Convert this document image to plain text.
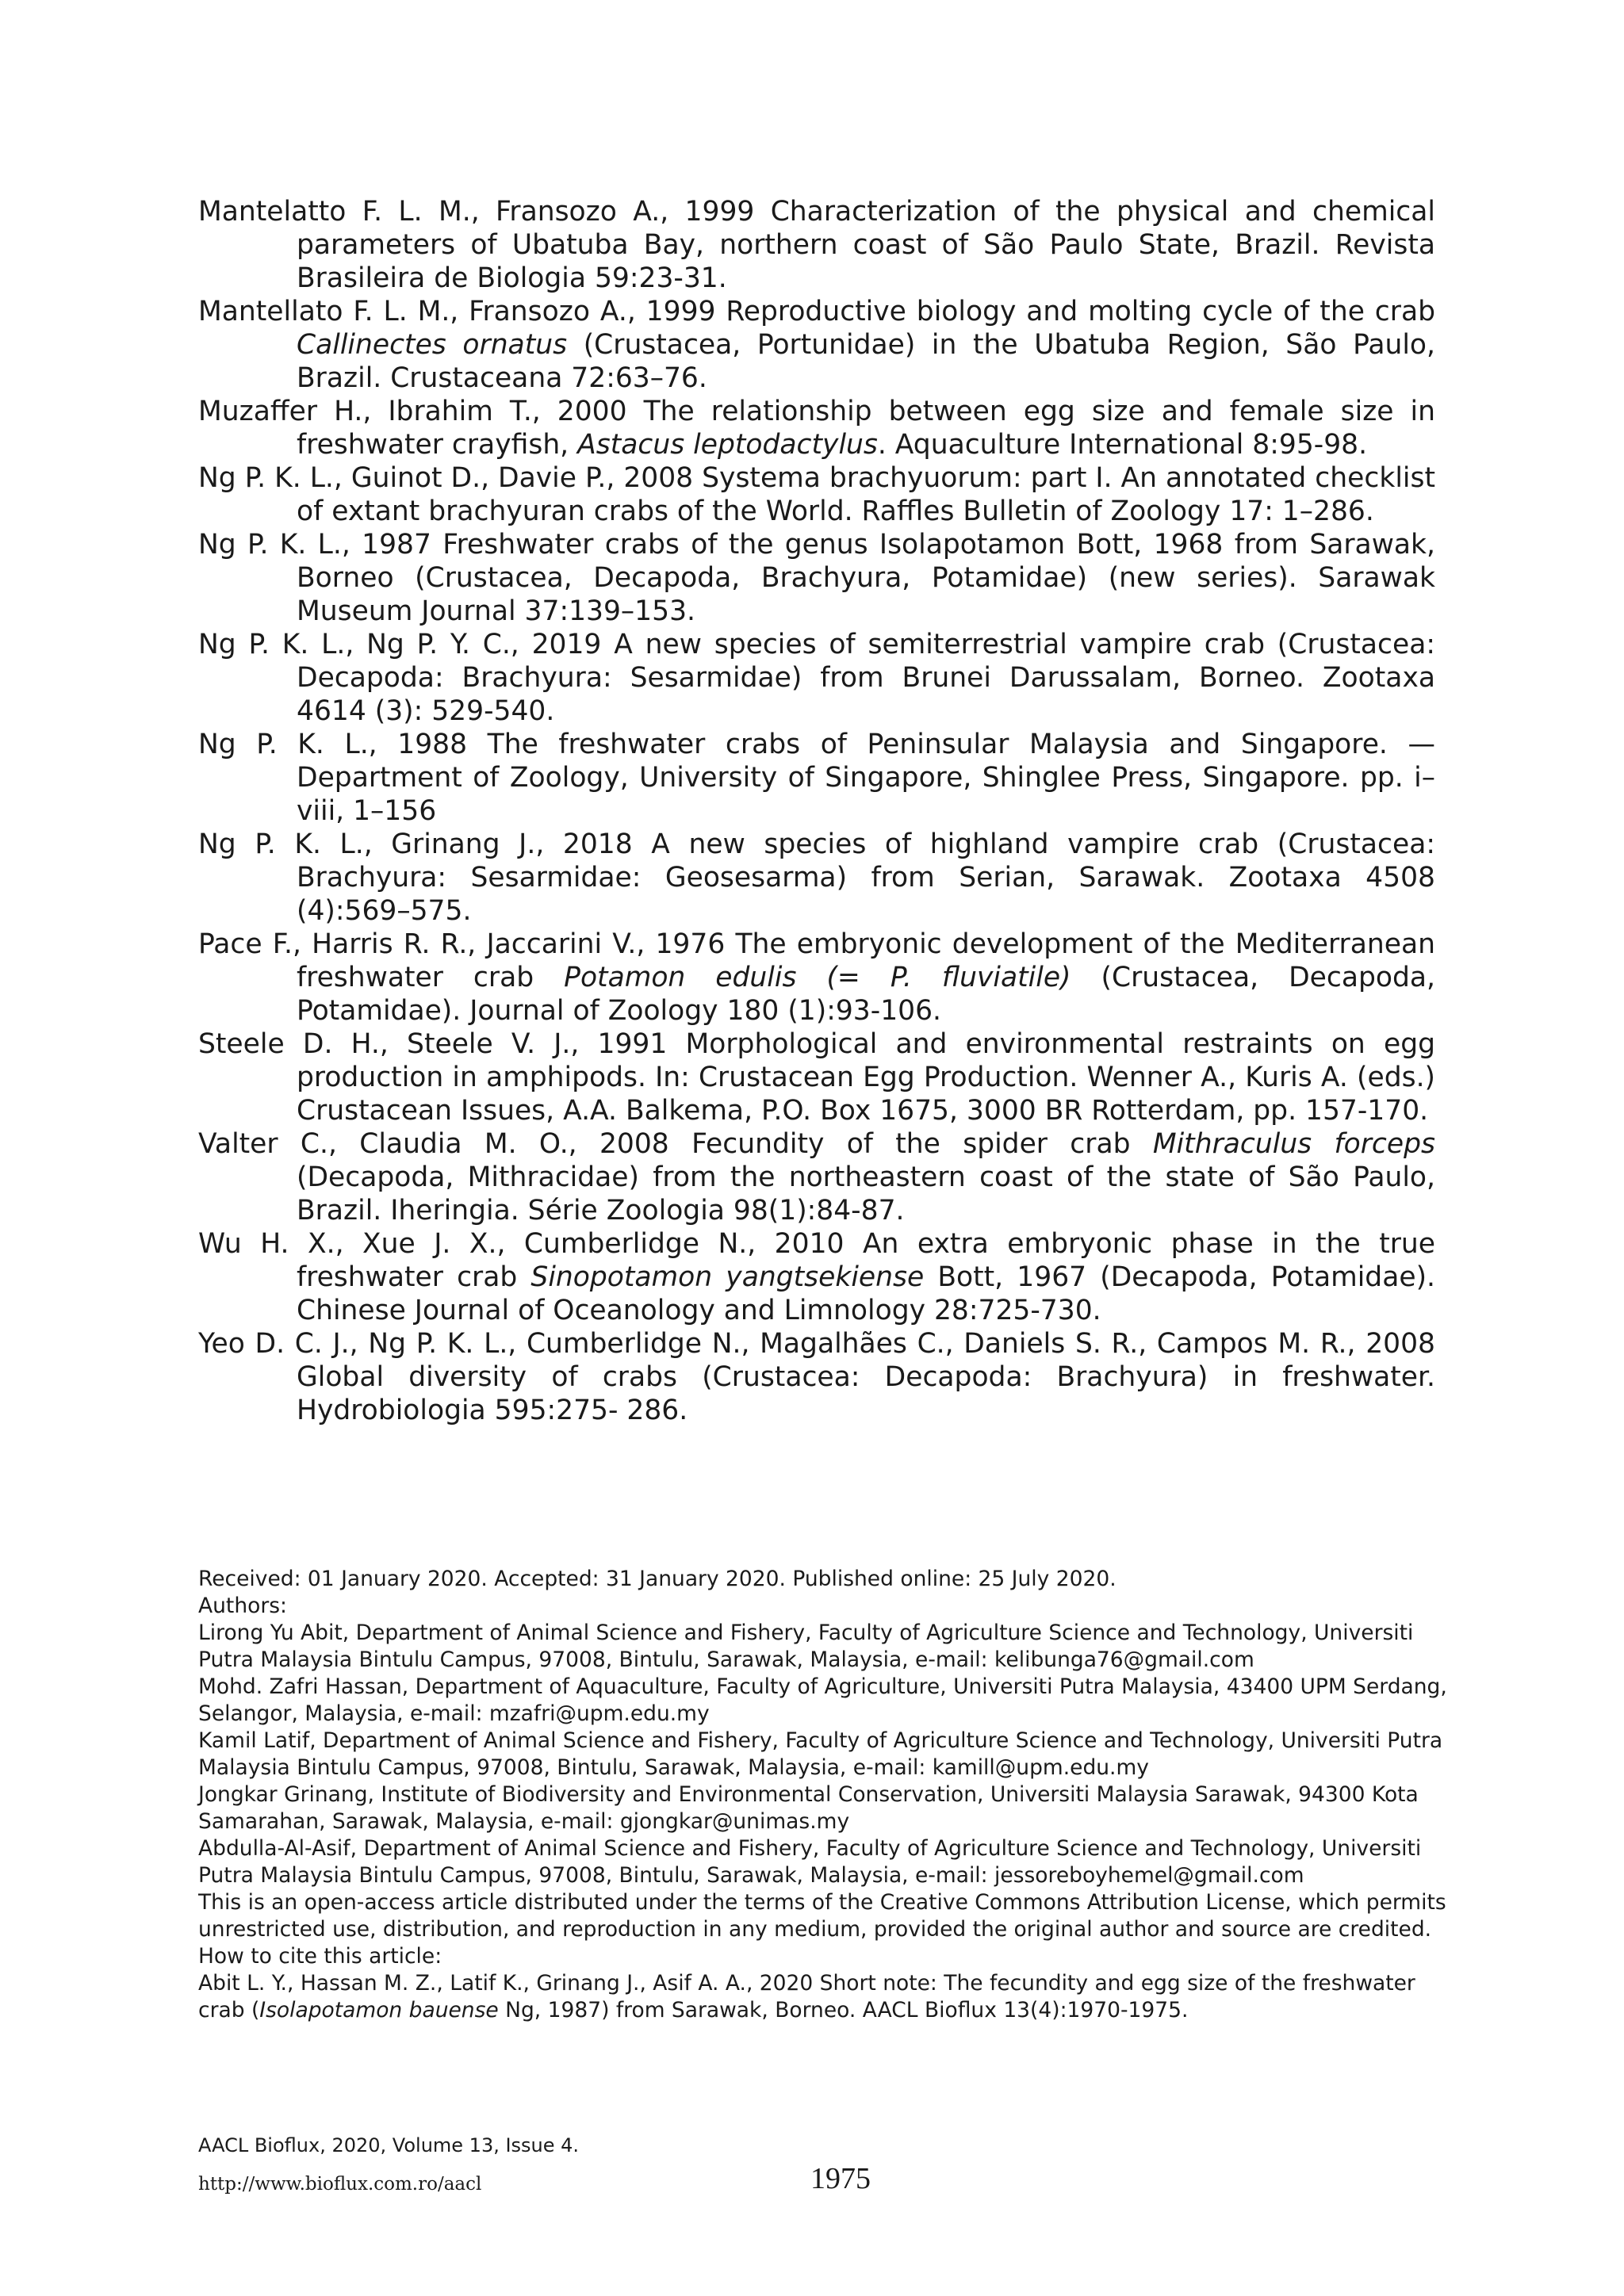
Mantelatto F. L. M., Fransozo A., 1999 Characterization of the physical and chemical parameters of Ubatuba Bay, northern coast of São Paulo State, Brazil. Revista Brasileira de Biologia 59:23-31.

Mantellato F. L. M., Fransozo A., 1999 Reproductive biology and molting cycle of the crab Callinectes ornatus (Crustacea, Portunidae) in the Ubatuba Region, São Paulo, Brazil. Crustaceana 72:63–76.

Muzaffer H., Ibrahim T., 2000 The relationship between egg size and female size in freshwater crayfish, Astacus leptodactylus. Aquaculture International 8:95-98.

Ng P. K. L., Guinot D., Davie P., 2008 Systema brachyuorum: part I. An annotated checklist of extant brachyuran crabs of the World. Raffles Bulletin of Zoology 17: 1–286.

Ng P. K. L., 1987 Freshwater crabs of the genus Isolapotamon Bott, 1968 from Sarawak, Borneo (Crustacea, Decapoda, Brachyura, Potamidae) (new series). Sarawak Museum Journal 37:139–153.

Ng P. K. L., Ng P. Y. C., 2019 A new species of semiterrestrial vampire crab (Crustacea: Decapoda: Brachyura: Sesarmidae) from Brunei Darussalam, Borneo. Zootaxa 4614 (3): 529-540.

Ng P. K. L., 1988 The freshwater crabs of Peninsular Malaysia and Singapore. — Department of Zoology, University of Singapore, Shinglee Press, Singapore. pp. i–viii, 1–156

Ng P. K. L., Grinang J., 2018 A new species of highland vampire crab (Crustacea: Brachyura: Sesarmidae: Geosesarma) from Serian, Sarawak. Zootaxa 4508 (4):569–575.

Pace F., Harris R. R., Jaccarini V., 1976 The embryonic development of the Mediterranean freshwater crab Potamon edulis (= P. fluviatile) (Crustacea, Decapoda, Potamidae). Journal of Zoology 180 (1):93-106.

Steele D. H., Steele V. J., 1991 Morphological and environmental restraints on egg production in amphipods. In: Crustacean Egg Production. Wenner A., Kuris A. (eds.) Crustacean Issues, A.A. Balkema, P.O. Box 1675, 3000 BR Rotterdam, pp. 157-170.

Valter C., Claudia M. O., 2008 Fecundity of the spider crab Mithraculus forceps (Decapoda, Mithracidae) from the northeastern coast of the state of São Paulo, Brazil. Iheringia. Série Zoologia 98(1):84-87.

Wu H. X., Xue J. X., Cumberlidge N., 2010 An extra embryonic phase in the true freshwater crab Sinopotamon yangtsekiense Bott, 1967 (Decapoda, Potamidae). Chinese Journal of Oceanology and Limnology 28:725-730.

Yeo D. C. J., Ng P. K. L., Cumberlidge N., Magalhães C., Daniels S. R., Campos M. R., 2008 Global diversity of crabs (Crustacea: Decapoda: Brachyura) in freshwater. Hydrobiologia 595:275- 286.

Received: 01 January 2020. Accepted: 31 January 2020. Published online: 25 July 2020.

Authors:

Lirong Yu Abit, Department of Animal Science and Fishery, Faculty of Agriculture Science and Technology, Universiti Putra Malaysia Bintulu Campus, 97008, Bintulu, Sarawak, Malaysia, e-mail: kelibunga76@gmail.com

Mohd. Zafri Hassan, Department of Aquaculture, Faculty of Agriculture, Universiti Putra Malaysia, 43400 UPM Serdang, Selangor, Malaysia, e-mail: mzafri@upm.edu.my

Kamil Latif, Department of Animal Science and Fishery, Faculty of Agriculture Science and Technology, Universiti Putra Malaysia Bintulu Campus, 97008, Bintulu, Sarawak, Malaysia, e-mail: kamill@upm.edu.my

Jongkar Grinang, Institute of Biodiversity and Environmental Conservation, Universiti Malaysia Sarawak, 94300 Kota Samarahan, Sarawak, Malaysia, e-mail: gjongkar@unimas.my

Abdulla-Al-Asif, Department of Animal Science and Fishery, Faculty of Agriculture Science and Technology, Universiti Putra Malaysia Bintulu Campus, 97008, Bintulu, Sarawak, Malaysia, e-mail: jessoreboyhemel@gmail.com

This is an open-access article distributed under the terms of the Creative Commons Attribution License, which permits unrestricted use, distribution, and reproduction in any medium, provided the original author and source are credited.

How to cite this article:

Abit L. Y., Hassan M. Z., Latif K., Grinang J., Asif A. A., 2020 Short note: The fecundity and egg size of the freshwater crab (Isolapotamon bauense Ng, 1987) from Sarawak, Borneo. AACL Bioflux 13(4):1970-1975.

AACL Bioflux, 2020, Volume 13, Issue 4.
http://www.bioflux.com.ro/aacl	1975
